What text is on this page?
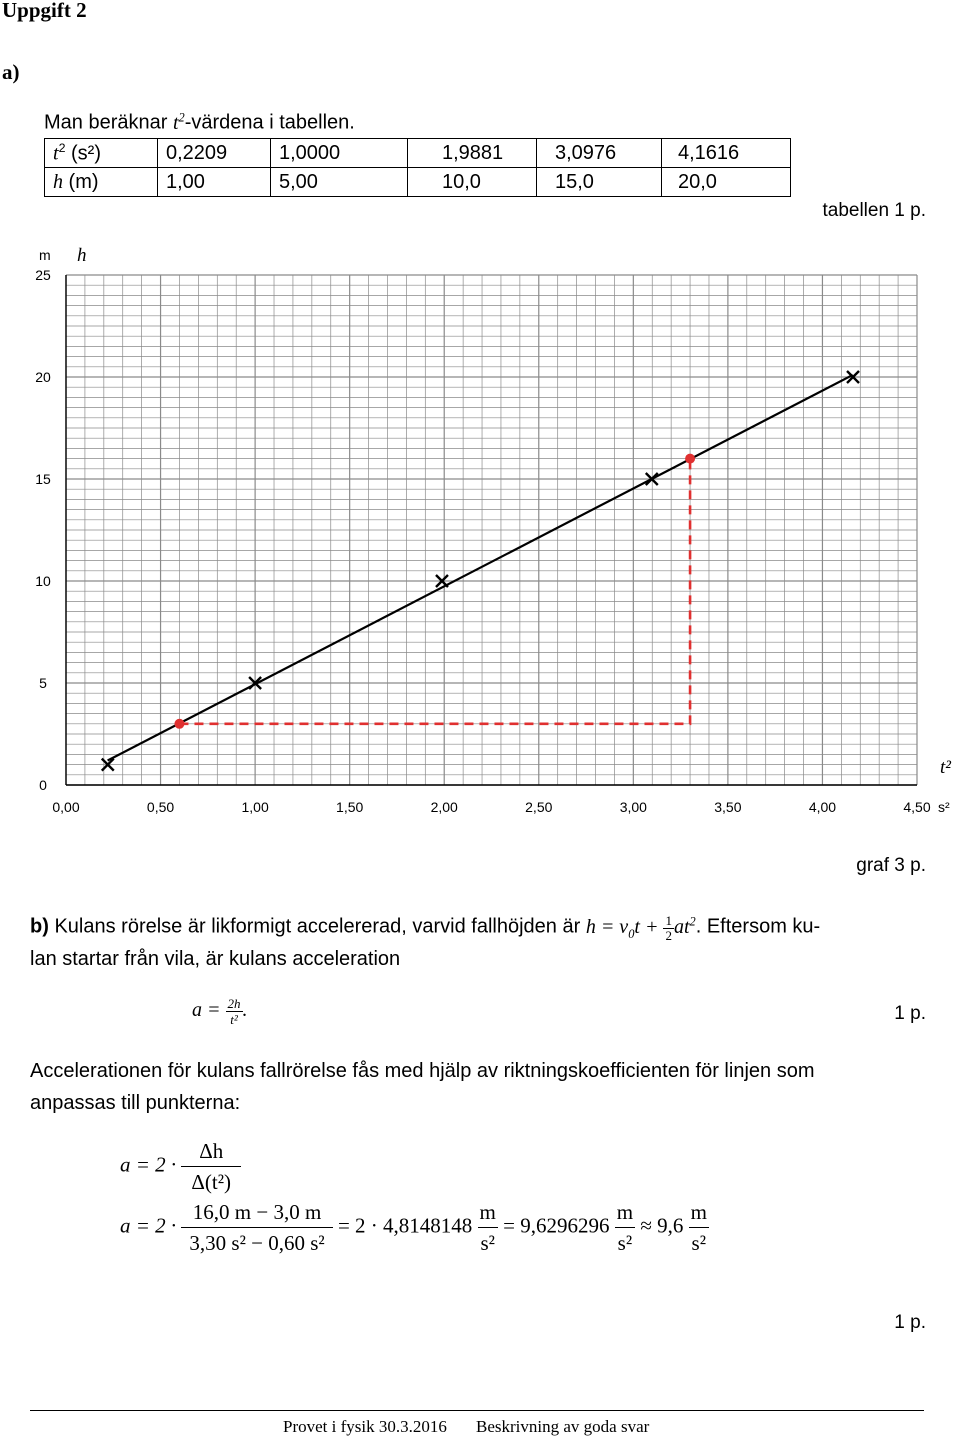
Uppgift 2
a)
Man beräknar $t^2$-värdena i tabellen.
$t^2$ (s²)	0,2209	1,0000	1,9881	3,0976	4,1616
h (m)	1,00	5,00	10,0	15,0	20,0
tabellen 1 p.
0,00	0,50	1,00	1,50	2,00	2,50	3,00	3,50	4,00	4,50
0
5
10
15
20
25
m h
t²
s²
graf 3 p.
b) Kulans rörelse är likformigt accelererad, varvid fallhöjden är $h = v_0t + \frac{1}{2} at^2$. Eftersom ku-
lan startar från vila, är kulans acceleration
$a = \frac{2h}{\text{t²}}$ .	1 p.
Accelerationen för kulans fallrörelse fås med hjälp av riktningskoefficienten för linjen som
anpassas till punkterna:
$a = 2 \cdot \frac{\Delta h}{\text{Δ(t²)}}$
$a = 2 \cdot \frac{16,0 m - 3,0 m}{\text{3,30 s² − 0,60 s²}} = 2 \cdot 4,8148148 \frac{m}{\text{s²}} = 9,6296296 \frac{m}{\text{s²}} \approx 9,6 \frac{m}{\text{s²}}$
1 p.
Provet i fysik 30.3.2016 Beskrivning av goda svar
